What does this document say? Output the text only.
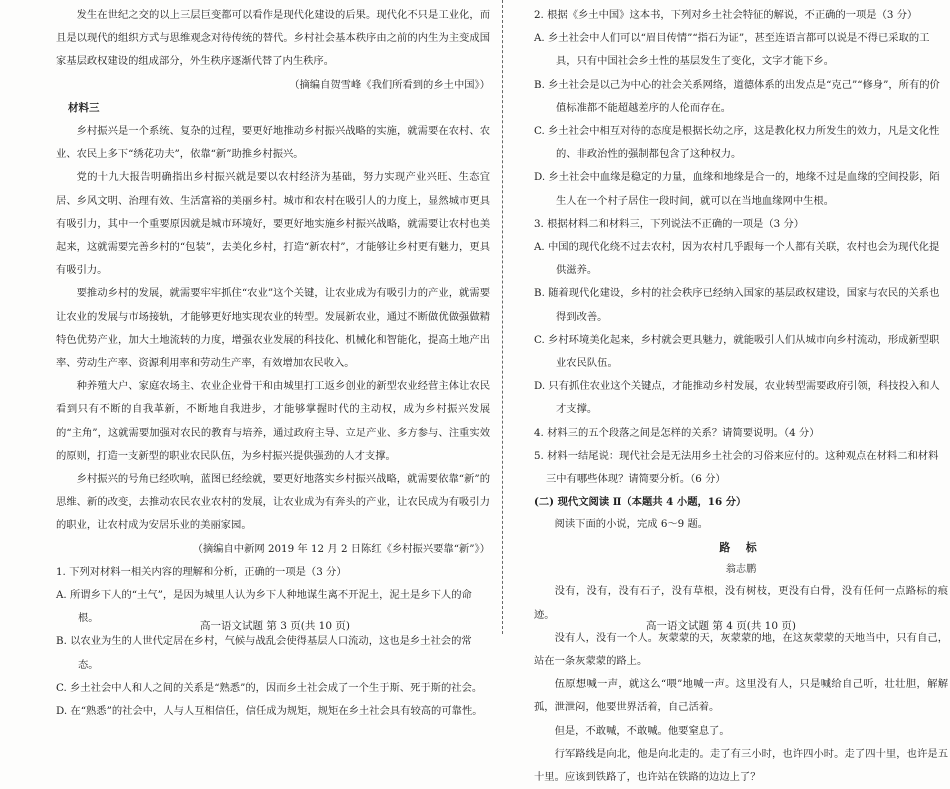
发生在世纪之交的以上三层巨变都可以看作是现代化建设的后果。现代化不只是工业化，而且是以现代的组织方式与思维观念对待传统的替代。乡村社会基本秩序由之前的内生为主变成国家基层政权建设的组成部分，外生秩序逐渐代替了内生秩序。

（摘编自贺雪峰《我们所看到的乡土中国》）

材料三

乡村振兴是一个系统、复杂的过程，要更好地推动乡村振兴战略的实施，就需要在农村、农业、农民上多下“绣花功夫”，依靠“新”助推乡村振兴。

党的十九大报告明确指出乡村振兴就是要以农村经济为基础，努力实现产业兴旺、生态宜居、乡风文明、治理有效、生活富裕的美丽乡村。城市和农村在吸引人的力度上，显然城市更具有吸引力，其中一个重要原因就是城市环境好，要更好地实施乡村振兴战略，就需要让农村也美起来，这就需要完善乡村的“包装”，去美化乡村，打造“新农村”，才能够让乡村更有魅力，更具有吸引力。

要推动乡村的发展，就需要牢牢抓住“农业”这个关键，让农业成为有吸引力的产业，就需要让农业的发展与市场接轨，才能够更好地实现农业的转型。发展新农业，通过不断做优做强做精特色优势产业，加大土地流转的力度，增强农业发展的科技化、机械化和智能化，提高土地产出率、劳动生产率、资源利用率和劳动生产率，有效增加农民收入。

种养殖大户、家庭农场主、农业企业骨干和由城里打工返乡创业的新型农业经营主体让农民看到只有不断的自我革新，不断地自我进步，才能够掌握时代的主动权，成为乡村振兴发展的“主角”，这就需要加强对农民的教育与培养，通过政府主导、立足产业、多方参与、注重实效的原则，打造一支新型的职业农民队伍，为乡村振兴提供强劲的人才支撑。

乡村振兴的号角已经吹响，蓝图已经绘就，要更好地落实乡村振兴战略，就需要依靠“新”的思维、新的改变，去推动农民农业农村的发展，让农业成为有奔头的产业，让农民成为有吸引力的职业，让农村成为安居乐业的美丽家园。

（摘编自中新网 2019 年 12 月 2 日陈红《乡村振兴要靠“新”》）

1. 下列对材料一相关内容的理解和分析，正确的一项是（3 分）

A. 所谓乡下人的“土气”，是因为城里人认为乡下人种地谋生离不开泥土，泥土是乡下人的命根。

B. 以农业为生的人世代定居在乡村，气候与战乱会使得基层人口流动，这也是乡土社会的常态。

C. 乡土社会中人和人之间的关系是“熟悉”的，因而乡土社会成了一个生于斯、死于斯的社会。

D. 在“熟悉”的社会中，人与人互相信任，信任成为规矩，规矩在乡土社会具有较高的可靠性。

高一语文试题 第 3 页(共 10 页)

2. 根据《乡土中国》这本书，下列对乡土社会特征的解说，不正确的一项是（3 分）

A. 乡土社会中人们可以“眉目传情”“指石为证”，甚至连语言都可以说是不得已采取的工具，只有中国社会乡土性的基层发生了变化，文字才能下乡。

B. 乡土社会是以己为中心的社会关系网络，道德体系的出发点是“克己”“修身”，所有的价值标准都不能超越差序的人伦而存在。

C. 乡土社会中相互对待的态度是根据长幼之序，这是教化权力所发生的效力，凡是文化性的、非政治性的强制都包含了这种权力。

D. 乡土社会中血缘是稳定的力量，血缘和地缘是合一的，地缘不过是血缘的空间投影，陌生人在一个村子居住一段时间，就可以在当地血缘网中生根。

3. 根据材料二和材料三，下列说法不正确的一项是（3 分）

A. 中国的现代化绕不过去农村，因为农村几乎跟每一个人都有关联，农村也会为现代化提供滋养。

B. 随着现代化建设，乡村的社会秩序已经纳入国家的基层政权建设，国家与农民的关系也得到改善。

C. 乡村环境美化起来，乡村就会更具魅力，就能吸引人们从城市向乡村流动，形成新型职业农民队伍。

D. 只有抓住农业这个关键点，才能推动乡村发展，农业转型需要政府引领，科技投入和人才支撑。

4. 材料三的五个段落之间是怎样的关系？请简要说明。（4 分）

5. 材料一结尾说：现代社会是无法用乡土社会的习俗来应付的。这种观点在材料二和材料三中有哪些体现？请简要分析。（6 分）

(二) 现代文阅读 Ⅱ（本题共 4 小题，16 分）

阅读下面的小说，完成 6～9 题。

路 标

翁志鹏

没有，没有，没有石子，没有草根，没有树枝，更没有白骨，没有任何一点路标的痕迹。

没有人，没有一个人。灰蒙蒙的天，灰蒙蒙的地，在这灰蒙蒙的天地当中，只有自己，站在一条灰蒙蒙的路上。

伍原想喊一声，就这么“喂”地喊一声。这里没有人，只是喊给自己听，壮壮胆，解解孤，泄泄闷，他要世界活着，自己活着。

但是，不敢喊，不敢喊。他要窒息了。

行军路线是向北，他是向北走的。走了有三小时，也许四小时。走了四十里，也许是五十里。应该到铁路了，也许站在铁路的边边上了？

高一语文试题 第 4 页(共 10 页)
